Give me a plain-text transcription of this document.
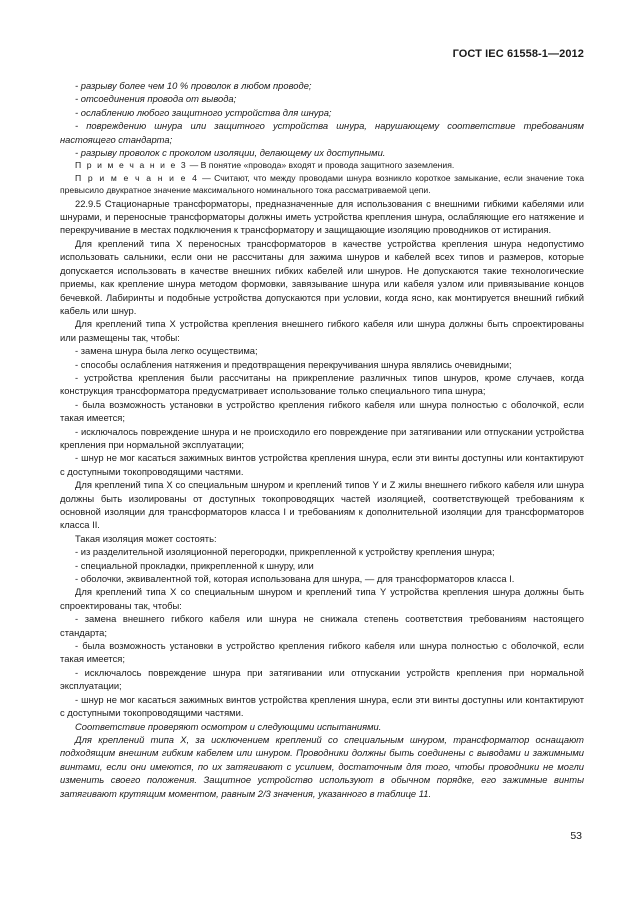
ГОСТ IEC 61558-1—2012

- разрыву более чем 10 % проволок в любом проводе;

- отсоединения провода от вывода;

- ослаблению любого защитного устройства для шнура;

- повреждению шнура или защитного устройства шнура, нарушающему соответствие требованиям настоящего стандарта;

- разрыву проволок с проколом изоляции, делающему их доступными.

П р и м е ч а н и е 3 — В понятие «провода» входят и провода защитного заземления.

П р и м е ч а н и е 4 — Считают, что между проводами шнура возникло короткое замыкание, если значение тока превысило двукратное значение максимального номинального тока рассматриваемой цепи.

22.9.5 Стационарные трансформаторы, предназначенные для использования с внешними гибкими кабелями или шнурами, и переносные трансформаторы должны иметь устройства крепления шнура, ослабляющие его натяжение и перекручивание в местах подключения к трансформатору и защищающие изоляцию проводников от истирания.

Для креплений типа Х переносных трансформаторов в качестве устройства крепления шнура недопустимо использовать сальники, если они не рассчитаны для зажима шнуров и кабелей всех типов и размеров, которые допускается использовать в качестве внешних гибких кабелей или шнуров. Не допускаются такие технологические приемы, как крепление шнура методом формовки, завязывание шнура или кабеля узлом или привязывание концов бечевкой. Лабиринты и подобные устройства допускаются при условии, когда ясно, как монтируется внешний гибкий кабель или шнур.

Для креплений типа Х устройства крепления внешнего гибкого кабеля или шнура должны быть спроектированы или размещены так, чтобы:

- замена шнура была легко осуществима;

- способы ослабления натяжения и предотвращения перекручивания шнура являлись очевидными;

- устройства крепления были рассчитаны на прикрепление различных типов шнуров, кроме случаев, когда конструкция трансформатора предусматривает использование только специального типа шнура;

- была возможность установки в устройство крепления гибкого кабеля или шнура полностью с оболочкой, если такая имеется;

- исключалось повреждение шнура и не происходило его повреждение при затягивании или отпускании устройства крепления при нормальной эксплуатации;

- шнур не мог касаться зажимных винтов устройства крепления шнура, если эти винты доступны или контактируют с доступными токопроводящими частями.

Для креплений типа Х со специальным шнуром и креплений типов Y и Z жилы внешнего гибкого кабеля или шнура должны быть изолированы от доступных токопроводящих частей изоляцией, соответствующей требованиям к основной изоляции для трансформаторов класса I и требованиям к дополнительной изоляции для трансформаторов класса II.

Такая изоляция может состоять:

- из разделительной изоляционной перегородки, прикрепленной к устройству крепления шнура;

- специальной прокладки, прикрепленной к шнуру, или

- оболочки, эквивалентной той, которая использована для шнура, — для трансформаторов класса I.

Для креплений типа Х со специальным шнуром и креплений типа Y устройства крепления шнура должны быть спроектированы так, чтобы:

- замена внешнего гибкого кабеля или шнура не снижала степень соответствия требованиям настоящего стандарта;

- была возможность установки в устройство крепления гибкого кабеля или шнура полностью с оболочкой, если такая имеется;

- исключалось повреждение шнура при затягивании или отпускании устройств крепления при нормальной эксплуатации;

- шнур не мог касаться зажимных винтов устройства крепления шнура, если эти винты доступны или контактируют с доступными токопроводящими частями.

Соответствие проверяют осмотром и следующими испытаниями.

Для креплений типа Х, за исключением креплений со специальным шнуром, трансформатор оснащают подходящим внешним гибким кабелем или шнуром. Проводники должны быть соединены с выводами и зажимными винтами, если они имеются, по их затягивают с усилием, достаточным для того, чтобы проводники не могли изменить своего положения. Защитное устройство используют в обычном порядке, его зажимные винты затягивают крутящим моментом, равным 2/3 значения, указанного в таблице 11.

53
